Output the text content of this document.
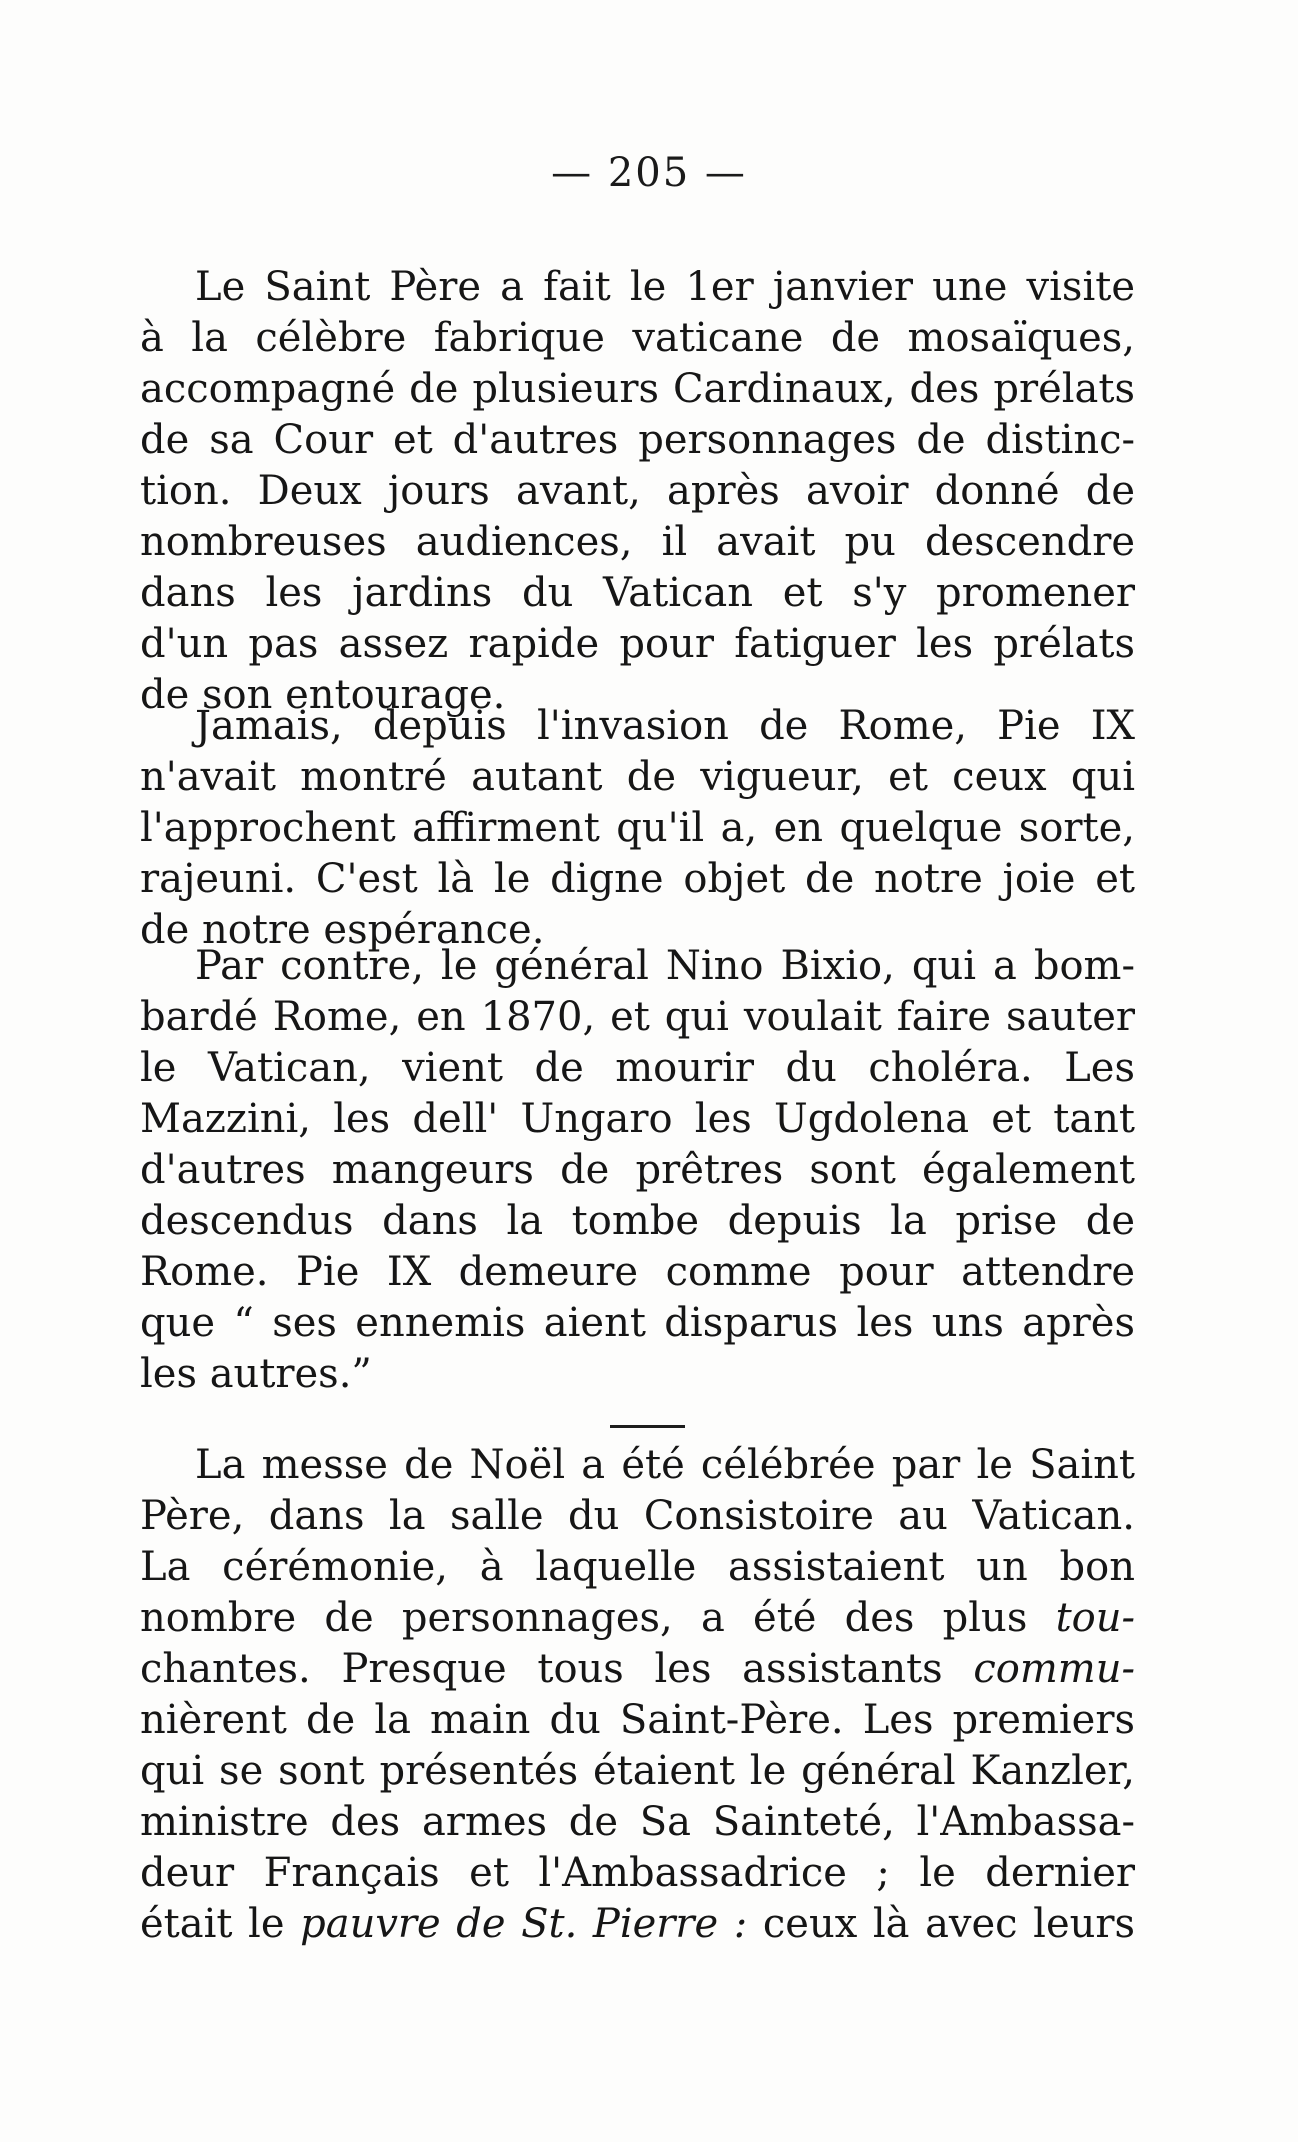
— 205 —
Le Saint Père a fait le 1er janvier une visite
à la célèbre fabrique vaticane de mosaïques,
accompagné de plusieurs Cardinaux, des prélats
de sa Cour et d'autres personnages de distinc-
tion. Deux jours avant, après avoir donné de
nombreuses audiences, il avait pu descendre
dans les jardins du Vatican et s'y promener
d'un pas assez rapide pour fatiguer les prélats
de son entourage.
Jamais, depuis l'invasion de Rome, Pie IX
n'avait montré autant de vigueur, et ceux qui
l'approchent affirment qu'il a, en quelque sorte,
rajeuni. C'est là le digne objet de notre joie et
de notre espérance.
Par contre, le général Nino Bixio, qui a bom-
bardé Rome, en 1870, et qui voulait faire sauter
le Vatican, vient de mourir du choléra. Les
Mazzini, les dell' Ungaro les Ugdolena et tant
d'autres mangeurs de prêtres sont également
descendus dans la tombe depuis la prise de
Rome. Pie IX demeure comme pour attendre
que “ ses ennemis aient disparus les uns après
les autres.”
La messe de Noël a été célébrée par le Saint
Père, dans la salle du Consistoire au Vatican.
La cérémonie, à laquelle assistaient un bon
nombre de personnages, a été des plus tou-
chantes. Presque tous les assistants commu-
nièrent de la main du Saint-Père. Les premiers
qui se sont présentés étaient le général Kanzler,
ministre des armes de Sa Sainteté, l'Ambassa-
deur Français et l'Ambassadrice ; le dernier
était le pauvre de St. Pierre : ceux là avec leurs
